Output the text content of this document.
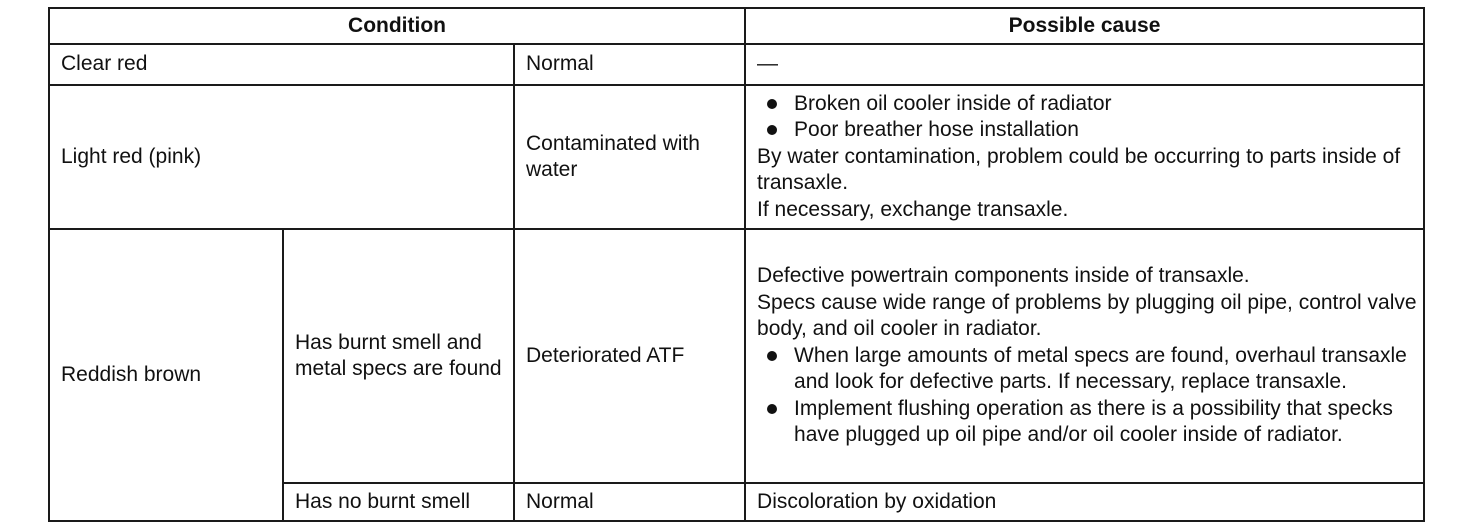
Condition			Possible cause
Clear red		Normal	—
Light red (pink)		Contaminated with water	Broken oil cooler inside of radiator
Poor breather hose installation
By water contamination, problem could be occurring to parts inside of transaxle.
If necessary, exchange transaxle.

Reddish brown	Has burnt smell and metal specs are found	Deteriorated ATF	Defective powertrain components inside of transaxle.
Specs cause wide range of problems by plugging oil pipe, control valve body, and oil cooler in radiator.
When large amounts of metal specs are found, overhaul transaxle and look for defective parts. If necessary, replace transaxle.
Implement flushing operation as there is a possibility that specks have plugged up oil pipe and/or oil cooler inside of radiator.

	Has no burnt smell	Normal	Discoloration by oxidation
